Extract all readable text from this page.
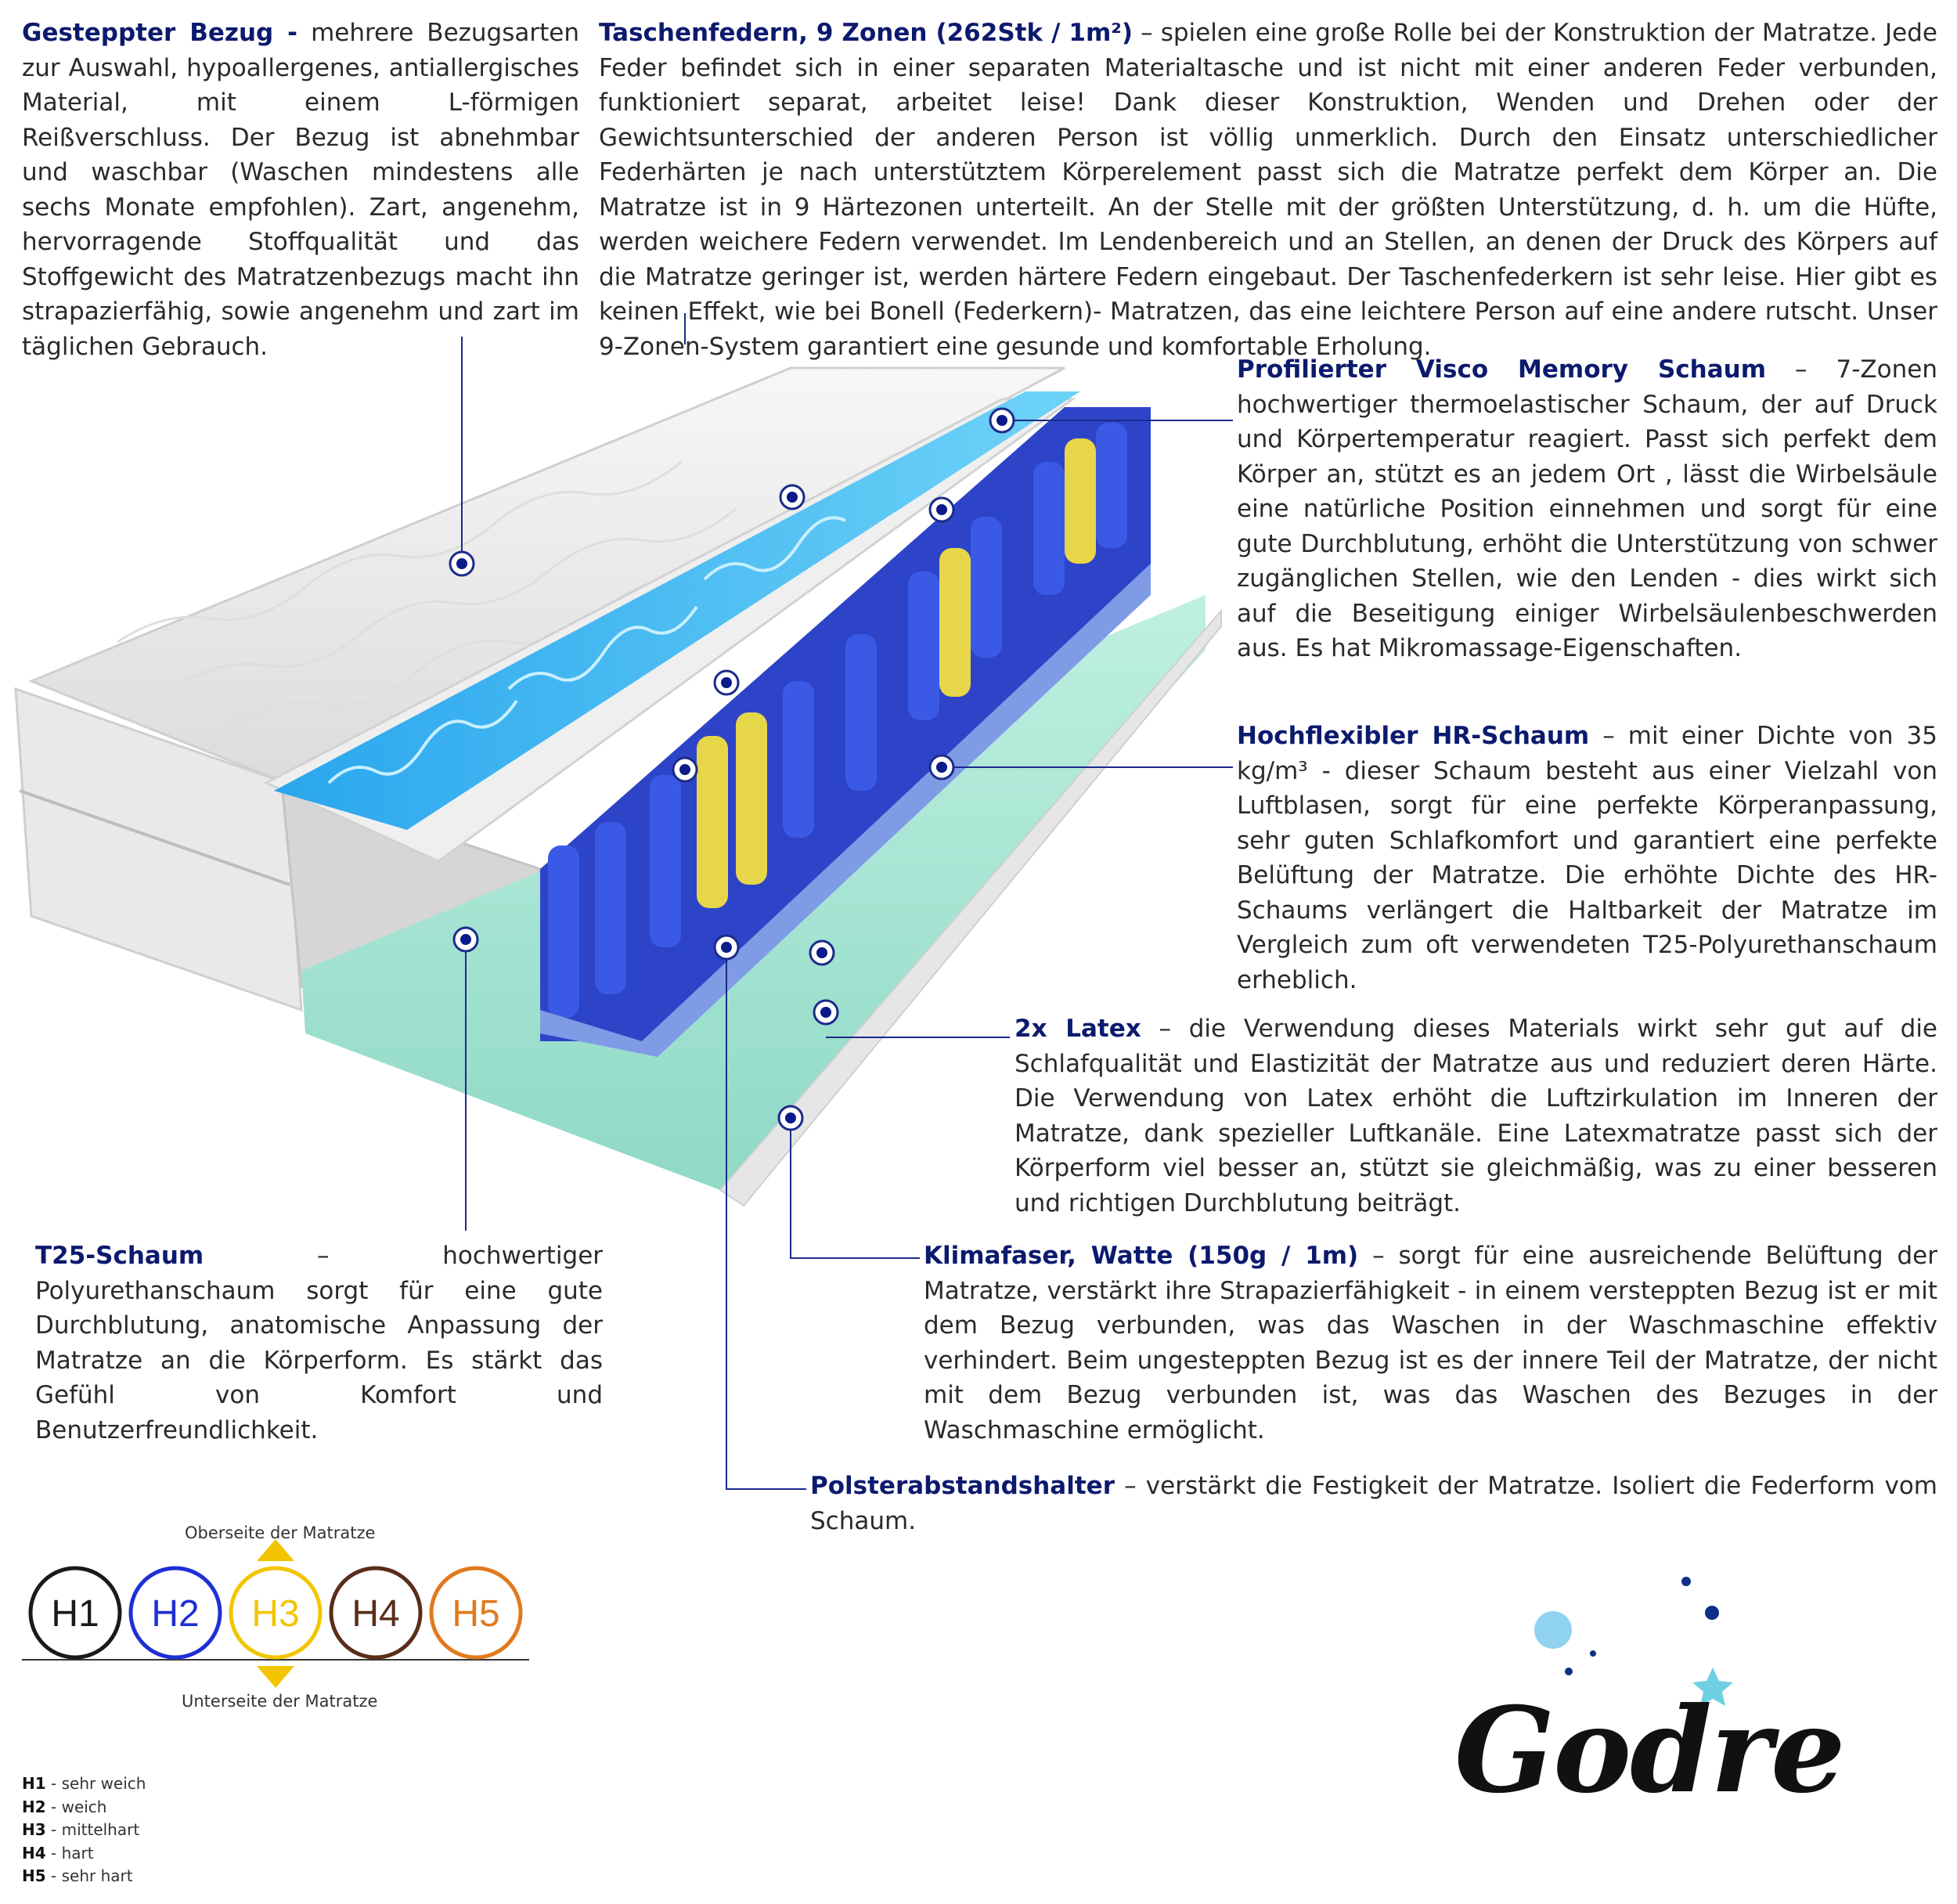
Gesteppter Bezug - mehrere Bezugsarten zur Auswahl, hypoallergenes, antiallergisches Material, mit einem L-förmigen Reißverschluss. Der Bezug ist abnehmbar und waschbar (Waschen mindestens alle sechs Monate empfohlen). Zart, angenehm, hervorragende Stoffqualität und das Stoffgewicht des Matratzenbezugs macht ihn strapazierfähig, sowie angenehm und zart im täglichen Gebrauch.

Taschenfedern, 9 Zonen (262Stk / 1m²) – spielen eine große Rolle bei der Konstruktion der Matratze. Jede Feder befindet sich in einer separaten Materialtasche und ist nicht mit einer anderen Feder verbunden, funktioniert separat, arbeitet leise! Dank dieser Konstruktion, Wenden und Drehen oder der Gewichtsunterschied der anderen Person ist völlig unmerklich. Durch den Einsatz unterschiedlicher Federhärten je nach unterstütztem Körperelement passt sich die Matratze perfekt dem Körper an. Die Matratze ist in 9 Härtezonen unterteilt. An der Stelle mit der größten Unterstützung, d. h. um die Hüfte, werden weichere Federn verwendet. Im Lendenbereich und an Stellen, an denen der Druck des Körpers auf die Matratze geringer ist, werden härtere Federn eingebaut. Der Taschenfederkern ist sehr leise. Hier gibt es keinen Effekt, wie bei Bonell (Federkern)- Matratzen, das eine leichtere Person auf eine andere rutscht. Unser 9-Zonen-System garantiert eine gesunde und komfortable Erholung.

Profilierter Visco Memory Schaum – 7-Zonen hochwertiger thermoelastischer Schaum, der auf Druck und Körpertemperatur reagiert. Passt sich perfekt dem Körper an, stützt es an jedem Ort , lässt die Wirbelsäule eine natürliche Position einnehmen und sorgt für eine gute Durchblutung, erhöht die Unterstützung von schwer zugänglichen Stellen, wie den Lenden - dies wirkt sich auf die Beseitigung einiger Wirbelsäulenbeschwerden aus. Es hat Mikromassage-Eigenschaften.

Hochflexibler HR-Schaum – mit einer Dichte von 35 kg/m³ - dieser Schaum besteht aus einer Vielzahl von Luftblasen, sorgt für eine perfekte Körperanpassung, sehr guten Schlafkomfort und garantiert eine perfekte Belüftung der Matratze. Die erhöhte Dichte des HR-Schaums verlängert die Haltbarkeit der Matratze im Vergleich zum oft verwendeten T25-Polyurethanschaum erheblich.

2x Latex – die Verwendung dieses Materials wirkt sehr gut auf die Schlafqualität und Elastizität der Matratze aus und reduziert deren Härte. Die Verwendung von Latex erhöht die Luftzirkulation im Inneren der Matratze, dank spezieller Luftkanäle. Eine Latexmatratze passt sich der Körperform viel besser an, stützt sie gleichmäßig, was zu einer besseren und richtigen Durchblutung beiträgt.

T25-Schaum	– hochwertiger Polyurethanschaum sorgt für eine gute Durchblutung, anatomische Anpassung der Matratze an die Körperform. Es stärkt das Gefühl von Komfort und Benutzerfreundlichkeit.

Klimafaser, Watte (150g / 1m) – sorgt für eine ausreichende Belüftung der Matratze, verstärkt ihre Strapazierfähigkeit - in einem versteppten Bezug ist er mit dem Bezug verbunden, was das Waschen in der Waschmaschine effektiv verhindert. Beim ungesteppten Bezug ist es der innere Teil der Matratze, der nicht mit dem Bezug verbunden ist, was das Waschen des Bezuges in der Waschmaschine ermöglicht.

Polsterabstandshalter – verstärkt die Festigkeit der Matratze. Isoliert die Federform vom Schaum.

H1 H2 H3 H4 H5
Oberseite der Matratze
Unterseite der Matratze
H1 - sehr weich
H2 - weich
H3 - mittelhart
H4 - hart
H5 - sehr hart
Godre
